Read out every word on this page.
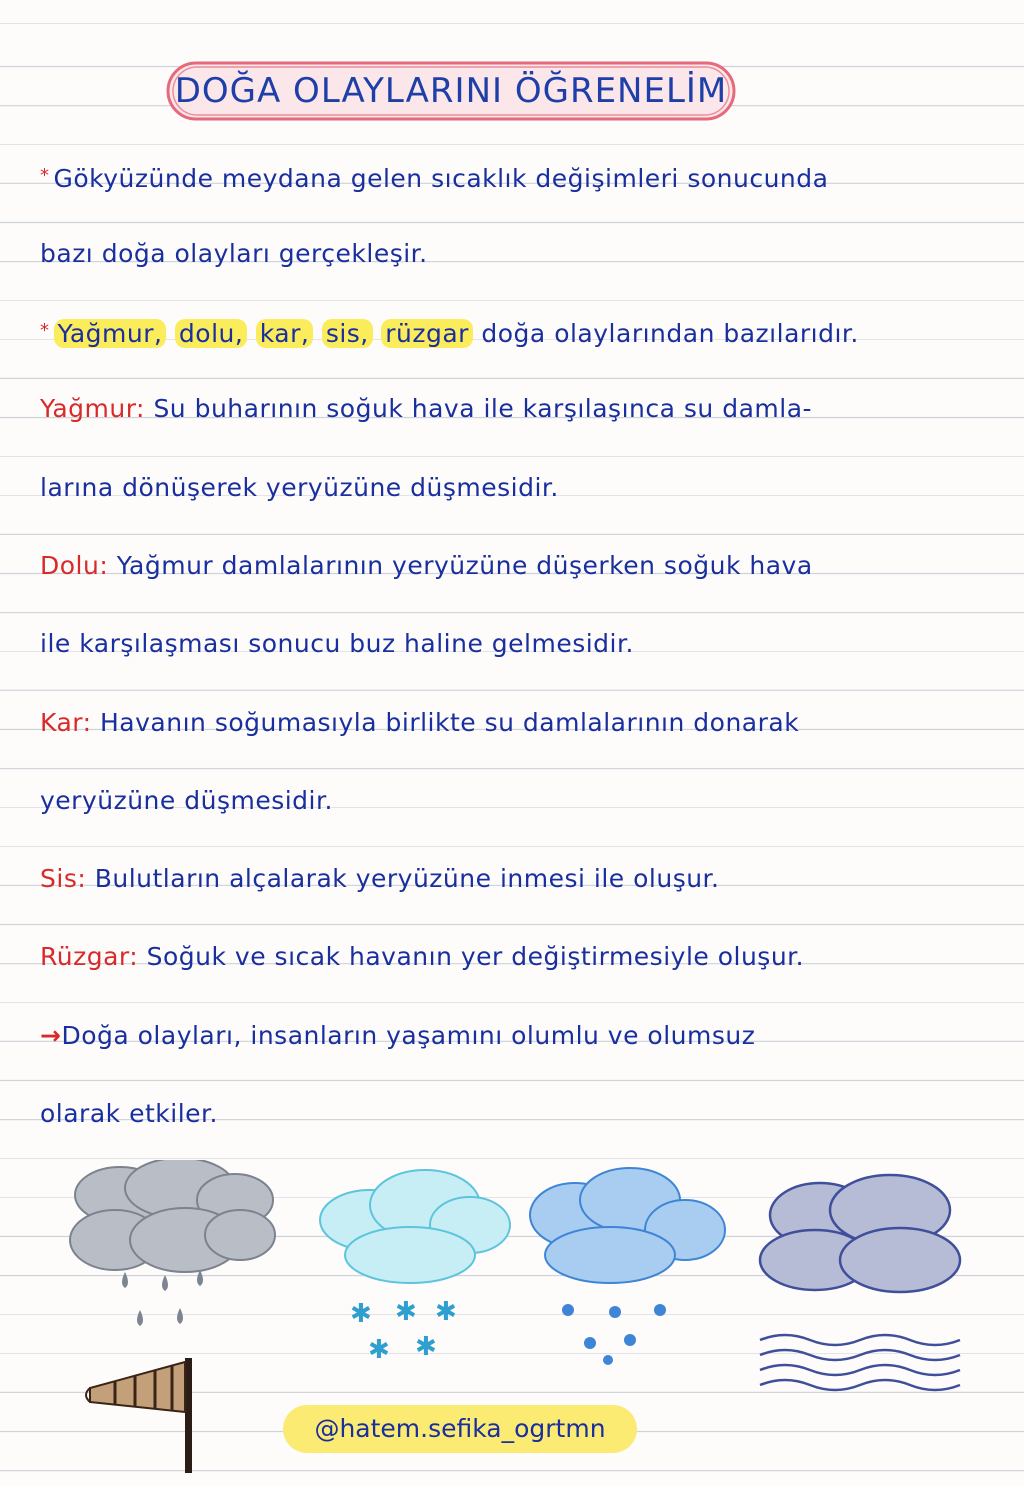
DOĞA OLAYLARINI ÖĞRENELİM
* Gökyüzünde meydana gelen sıcaklık değişimleri sonucunda
bazı doğa olayları gerçekleşir.
* Yağmur, dolu, kar, sis, rüzgar doğa olaylarından bazılarıdır.
Yağmur: Su buharının soğuk hava ile karşılaşınca su damla-
larına dönüşerek yeryüzüne düşmesidir.
Dolu: Yağmur damlalarının yeryüzüne düşerken soğuk hava
ile karşılaşması sonucu buz haline gelmesidir.
Kar: Havanın soğumasıyla birlikte su damlalarının donarak
yeryüzüne düşmesidir.
Sis: Bulutların alçalarak yeryüzüne inmesi ile oluşur.
Rüzgar: Soğuk ve sıcak havanın yer değiştirmesiyle oluşur.
→Doğa olayları, insanların yaşamını olumlu ve olumsuz
olarak etkiler.
✱ ✱ ✱
✱ ✱
@hatem.sefika_ogrtmn
